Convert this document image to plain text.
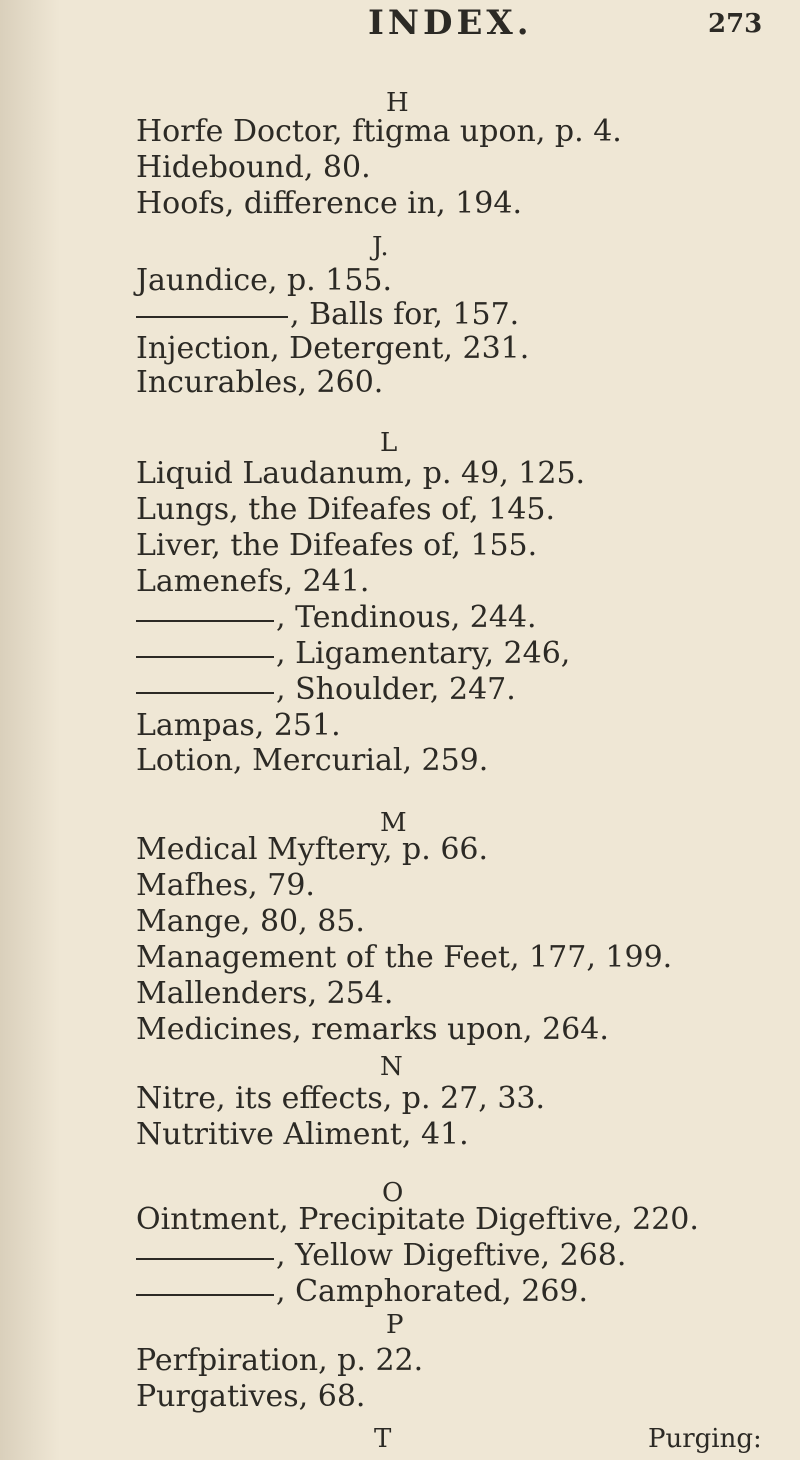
INDEX.	273
H
Horfe Doctor, ftigma upon, p. 4.
Hidebound, 80.
Hoofs, difference in, 194.
J.
Jaundice, p. 155.
, Balls for, 157.
Injection, Detergent, 231.
Incurables, 260.
L
Liquid Laudanum, p. 49, 125.
Lungs, the Difeafes of, 145.
Liver, the Difeafes of, 155.
Lamenefs, 241.
, Tendinous, 244.
, Ligamentary, 246,
, Shoulder, 247.
Lampas, 251.
Lotion, Mercurial, 259.
M
Medical Myftery, p. 66.
Mafhes, 79.
Mange, 80, 85.
Management of the Feet, 177, 199.
Mallenders, 254.
Medicines, remarks upon, 264.
N
Nitre, its effects, p. 27, 33.
Nutritive Aliment, 41.
O
Ointment, Precipitate Digeftive, 220.
, Yellow Digeftive, 268.
, Camphorated, 269.
P
Perfpiration, p. 22.
Purgatives, 68.
T	Purging:
